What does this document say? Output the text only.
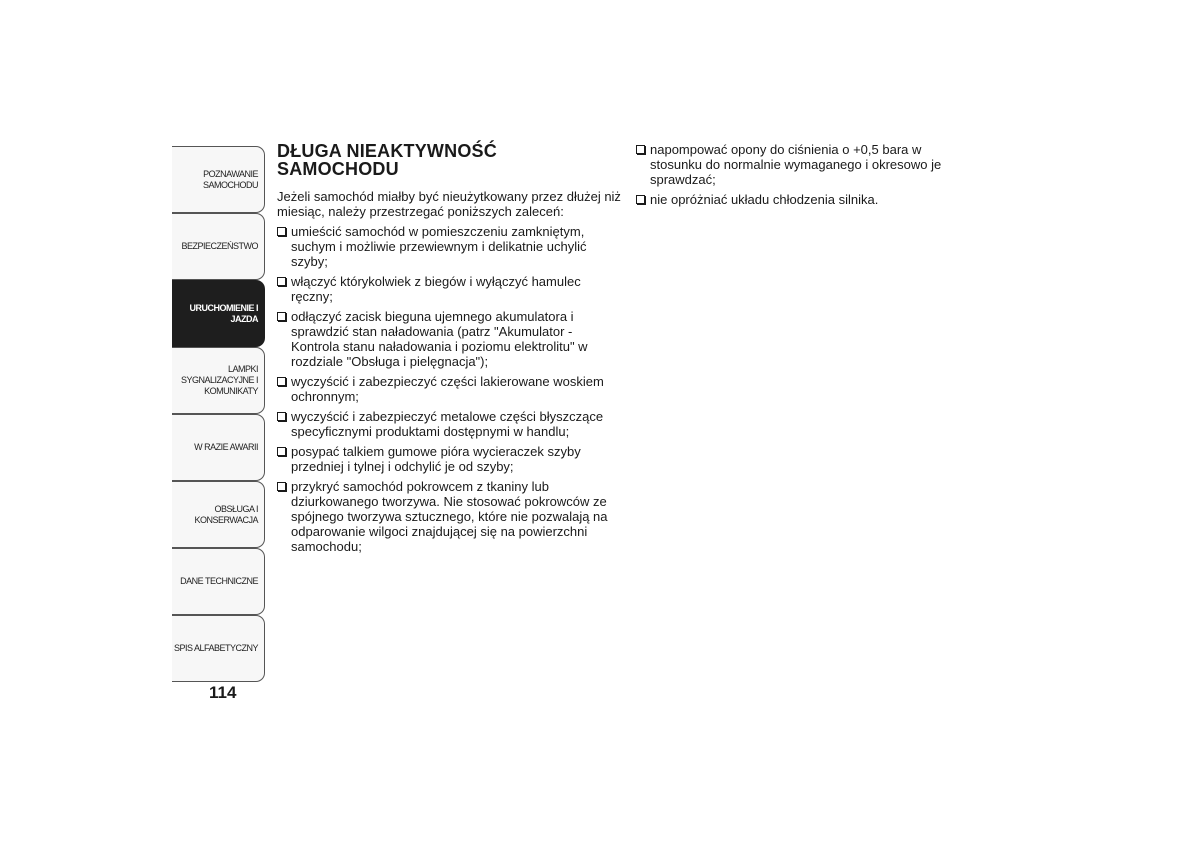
POZNAWANIE
SAMOCHODU
BEZPIECZEŃSTWO
URUCHOMIENIE I
JAZDA
LAMPKI
SYGNALIZACYJNE I
KOMUNIKATY
W RAZIE AWARII
OBSŁUGA I
KONSERWACJA
DANE TECHNICZNE
SPIS ALFABETYCZNY
114
DŁUGA NIEAKTYWNOŚĆ
SAMOCHODU

Jeżeli samochód miałby być nieużytkowany przez dłużej niż miesiąc, należy przestrzegać poniższych zaleceń:

umieścić samochód w pomieszczeniu zamkniętym, suchym i możliwie przewiewnym i delikatnie uchylić szyby;
włączyć którykolwiek z biegów i wyłączyć hamulec ręczny;
odłączyć zacisk bieguna ujemnego akumulatora i sprawdzić stan naładowania (patrz "Akumulator - Kontrola stanu naładowania i poziomu elektrolitu" w rozdziale "Obsługa i pielęgnacja");
wyczyścić i zabezpieczyć części lakierowane woskiem ochronnym;
wyczyścić i zabezpieczyć metalowe części błyszczące specyficznymi produktami dostępnymi w handlu;
posypać talkiem gumowe pióra wycieraczek szyby przedniej i tylnej i odchylić je od szyby;
przykryć samochód pokrowcem z tkaniny lub dziurkowanego tworzywa. Nie stosować pokrowców ze spójnego tworzywa sztucznego, które nie pozwalają na odparowanie wilgoci znajdującej się na powierzchni samochodu;
napompować opony do ciśnienia o +0,5 bara w stosunku do normalnie wymaganego i okresowo je sprawdzać;
nie opróżniać układu chłodzenia silnika.
